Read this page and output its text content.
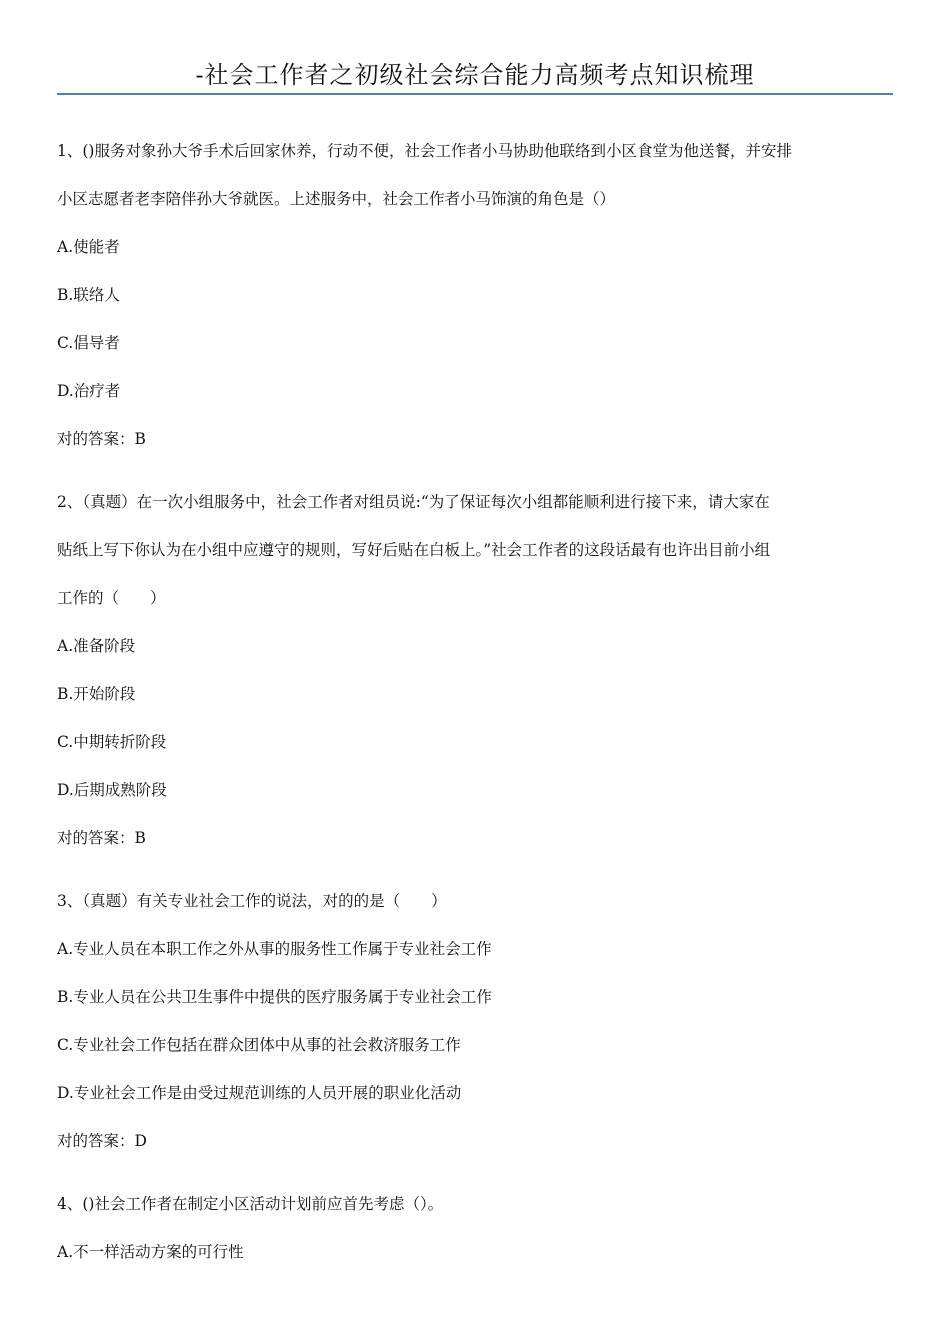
-社会工作者之初级社会综合能力高频考点知识梳理
1、()服务对象孙大爷手术后回家休养，行动不便，社会工作者小马协助他联络到小区食堂为他送餐，并安排
小区志愿者老李陪伴孙大爷就医。上述服务中，社会工作者小马饰演的角色是（）
A.使能者
B.联络人
C.倡导者
D.治疗者
对的答案：B
2、（真题）在一次小组服务中，社会工作者对组员说:“为了保证每次小组都能顺利进行接下来，请大家在
贴纸上写下你认为在小组中应遵守的规则，写好后贴在白板上。”社会工作者的这段话最有也许出目前小组
工作的（　　）
A.准备阶段
B.开始阶段
C.中期转折阶段
D.后期成熟阶段
对的答案：B
3、（真题）有关专业社会工作的说法，对的的是（　　）
A.专业人员在本职工作之外从事的服务性工作属于专业社会工作
B.专业人员在公共卫生事件中提供的医疗服务属于专业社会工作
C.专业社会工作包括在群众团体中从事的社会救济服务工作
D.专业社会工作是由受过规范训练的人员开展的职业化活动
对的答案：D
4、()社会工作者在制定小区活动计划前应首先考虑（）。
A.不一样活动方案的可行性
